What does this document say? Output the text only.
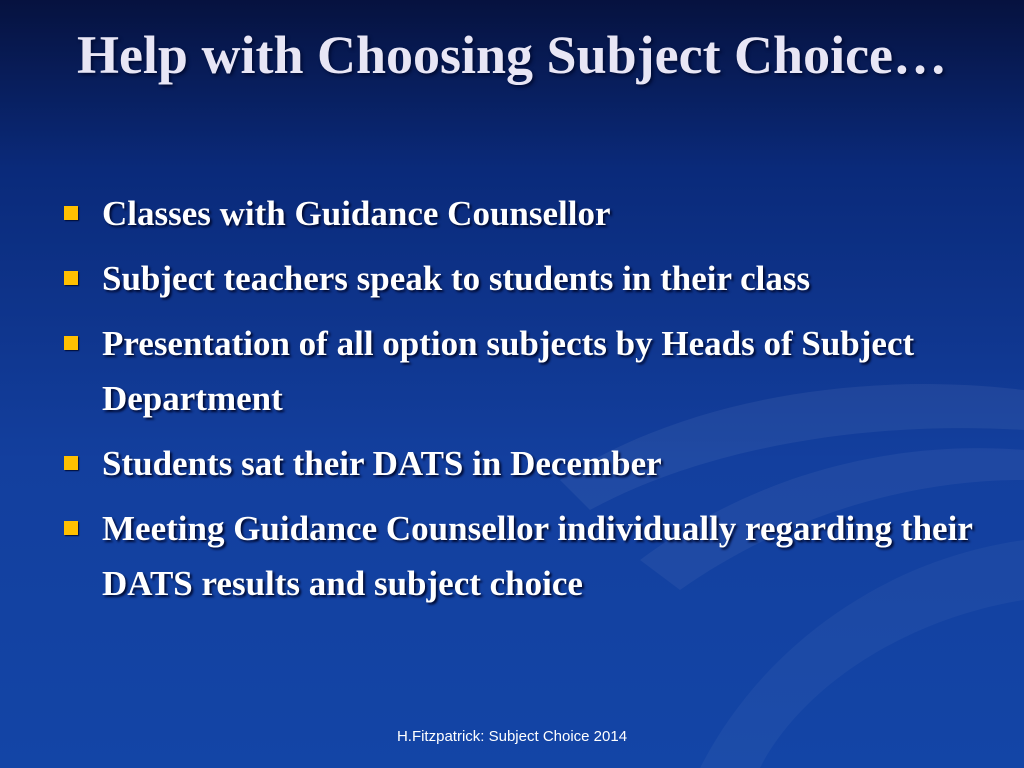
Help with Choosing Subject Choice…
Classes with Guidance Counsellor
Subject teachers speak to students in their class
Presentation of all option subjects by Heads of Subject Department
Students sat their DATS in December
Meeting Guidance Counsellor individually regarding their DATS results and subject choice
H.Fitzpatrick: Subject Choice 2014
